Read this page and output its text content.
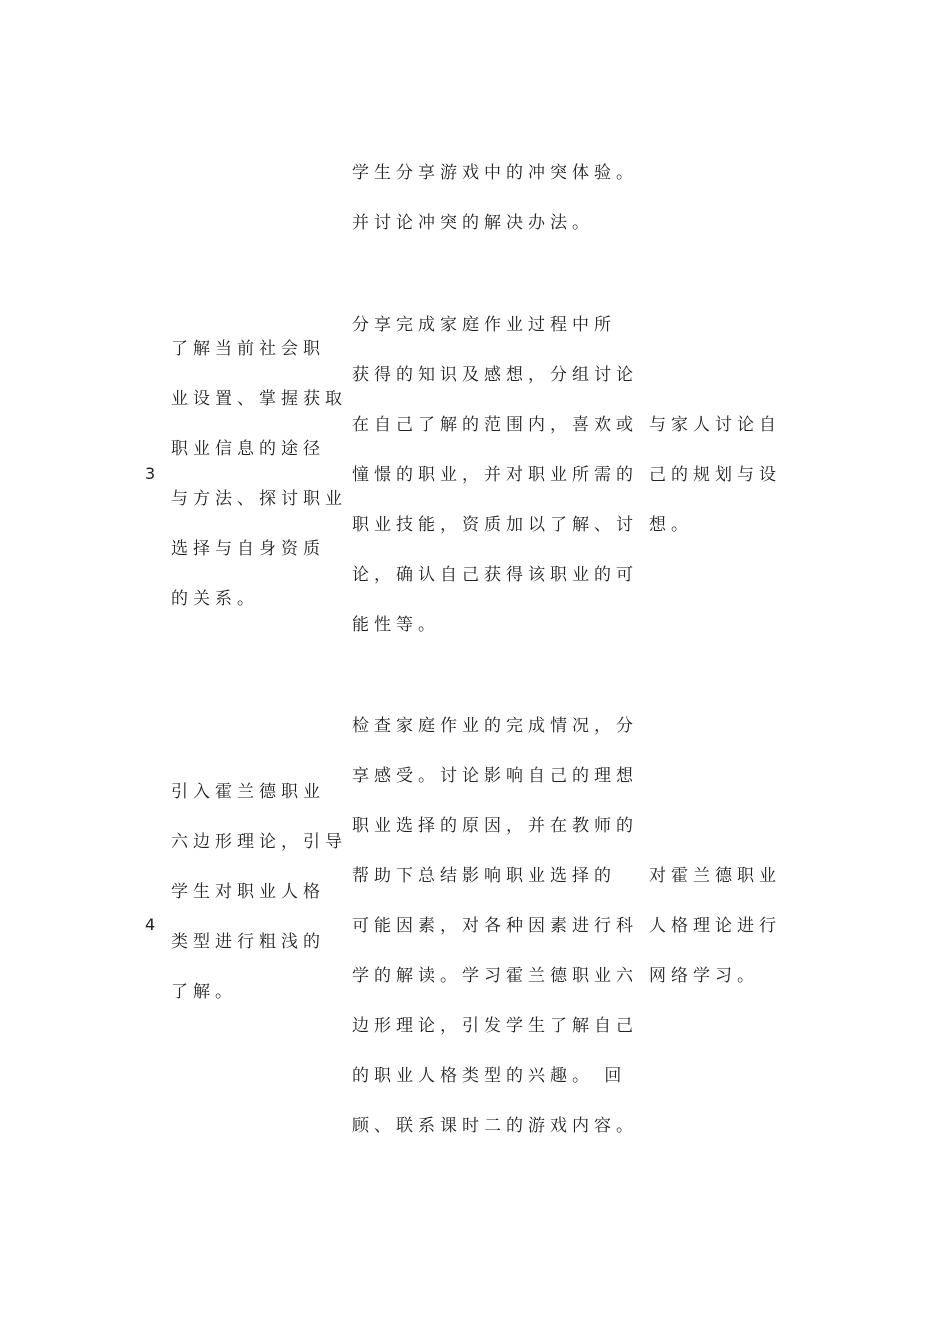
学生分享游戏中的冲突体验。
并讨论冲突的解决办法。
3
了解当前社会职
业设置、掌握获取
职业信息的途径
与方法、探讨职业
选择与自身资质
的关系。
分享完成家庭作业过程中所
获得的知识及感想，分组讨论
在自己了解的范围内，喜欢或
憧憬的职业，并对职业所需的
职业技能，资质加以了解、讨
论，确认自己获得该职业的可
能性等。
与家人讨论自
己的规划与设
想。
4
引入霍兰德职业
六边形理论，引导
学生对职业人格
类型进行粗浅的
了解。
检查家庭作业的完成情况，分
享感受。讨论影响自己的理想
职业选择的原因，并在教师的
帮助下总结影响职业选择的
可能因素，对各种因素进行科
学的解读。学习霍兰德职业六
边形理论，引发学生了解自己
的职业人格类型的兴趣。 回
顾、联系课时二的游戏内容。
对霍兰德职业
人格理论进行
网络学习。
